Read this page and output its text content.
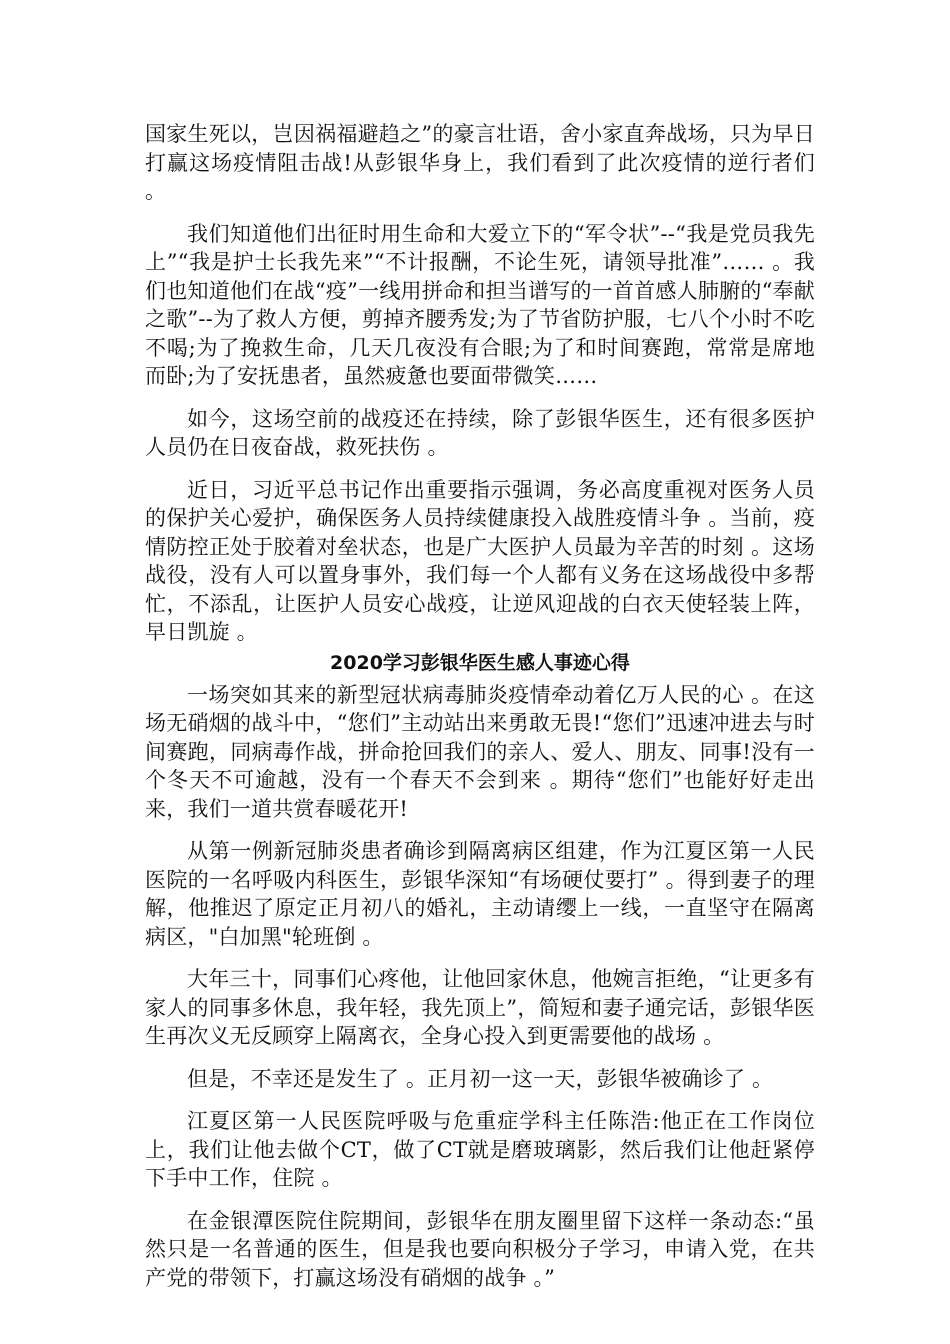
国家生死以，岂因祸福避趋之”的豪言壮语，舍小家直奔战场，只为早日打赢这场疫情阻击战!从彭银华身上，我们看到了此次疫情的逆行者们 。

我们知道他们出征时用生命和大爱立下的“军令状”--“我是党员我先上”“我是护士长我先来”“不计报酬，不论生死，请领导批准”…… 。我们也知道他们在战“疫”一线用拼命和担当谱写的一首首感人肺腑的“奉献之歌”--为了救人方便，剪掉齐腰秀发;为了节省防护服，七八个小时不吃不喝;为了挽救生命，几天几夜没有合眼;为了和时间赛跑，常常是席地而卧;为了安抚患者，虽然疲惫也要面带微笑……

如今，这场空前的战疫还在持续，除了彭银华医生，还有很多医护人员仍在日夜奋战，救死扶伤 。

近日，习近平总书记作出重要指示强调，务必高度重视对医务人员的保护关心爱护，确保医务人员持续健康投入战胜疫情斗争 。当前，疫情防控正处于胶着对垒状态，也是广大医护人员最为辛苦的时刻 。这场战役，没有人可以置身事外，我们每一个人都有义务在这场战役中多帮忙，不添乱，让医护人员安心战疫，让逆风迎战的白衣天使轻装上阵，早日凯旋 。

2020学习彭银华医生感人事迹心得

一场突如其来的新型冠状病毒肺炎疫情牵动着亿万人民的心 。在这场无硝烟的战斗中，“您们”主动站出来勇敢无畏!“您们”迅速冲进去与时间赛跑，同病毒作战，拼命抢回我们的亲人、爱人、朋友、同事!没有一个冬天不可逾越，没有一个春天不会到来 。期待“您们”也能好好走出来，我们一道共赏春暖花开!

从第一例新冠肺炎患者确诊到隔离病区组建，作为江夏区第一人民医院的一名呼吸内科医生，彭银华深知“有场硬仗要打” 。得到妻子的理解，他推迟了原定正月初八的婚礼，主动请缨上一线，一直坚守在隔离病区，"白加黑"轮班倒 。

大年三十，同事们心疼他，让他回家休息，他婉言拒绝，“让更多有家人的同事多休息，我年轻，我先顶上”，简短和妻子通完话，彭银华医生再次义无反顾穿上隔离衣，全身心投入到更需要他的战场 。

但是，不幸还是发生了 。正月初一这一天，彭银华被确诊了 。

江夏区第一人民医院呼吸与危重症学科主任陈浩:他正在工作岗位上，我们让他去做个CT，做了CT就是磨玻璃影，然后我们让他赶紧停下手中工作，住院 。

在金银潭医院住院期间，彭银华在朋友圈里留下这样一条动态:“虽然只是一名普通的医生，但是我也要向积极分子学习，申请入党，在共产党的带领下，打赢这场没有硝烟的战争 。”
